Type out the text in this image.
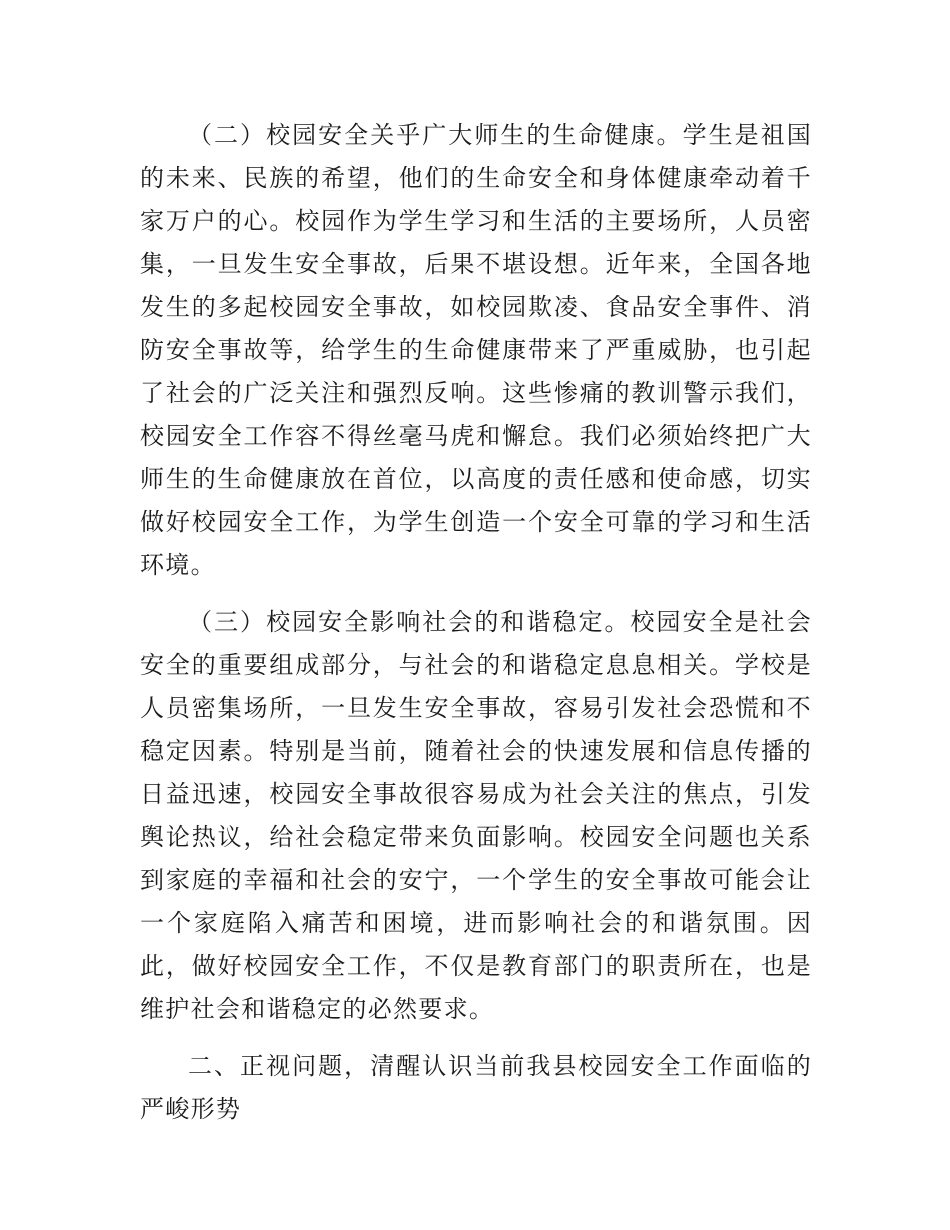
（二）校园安全关乎广大师生的生命健康。学生是祖国的未来、民族的希望，他们的生命安全和身体健康牵动着千家万户的心。校园作为学生学习和生活的主要场所，人员密集，一旦发生安全事故，后果不堪设想。近年来，全国各地发生的多起校园安全事故，如校园欺凌、食品安全事件、消防安全事故等，给学生的生命健康带来了严重威胁，也引起了社会的广泛关注和强烈反响。这些惨痛的教训警示我们，校园安全工作容不得丝毫马虎和懈怠。我们必须始终把广大师生的生命健康放在首位，以高度的责任感和使命感，切实做好校园安全工作，为学生创造一个安全可靠的学习和生活环境。

（三）校园安全影响社会的和谐稳定。校园安全是社会安全的重要组成部分，与社会的和谐稳定息息相关。学校是人员密集场所，一旦发生安全事故，容易引发社会恐慌和不稳定因素。特别是当前，随着社会的快速发展和信息传播的日益迅速，校园安全事故很容易成为社会关注的焦点，引发舆论热议，给社会稳定带来负面影响。校园安全问题也关系到家庭的幸福和社会的安宁，一个学生的安全事故可能会让一个家庭陷入痛苦和困境，进而影响社会的和谐氛围。因此，做好校园安全工作，不仅是教育部门的职责所在，也是维护社会和谐稳定的必然要求。

二、正视问题，清醒认识当前我县校园安全工作面临的严峻形势
